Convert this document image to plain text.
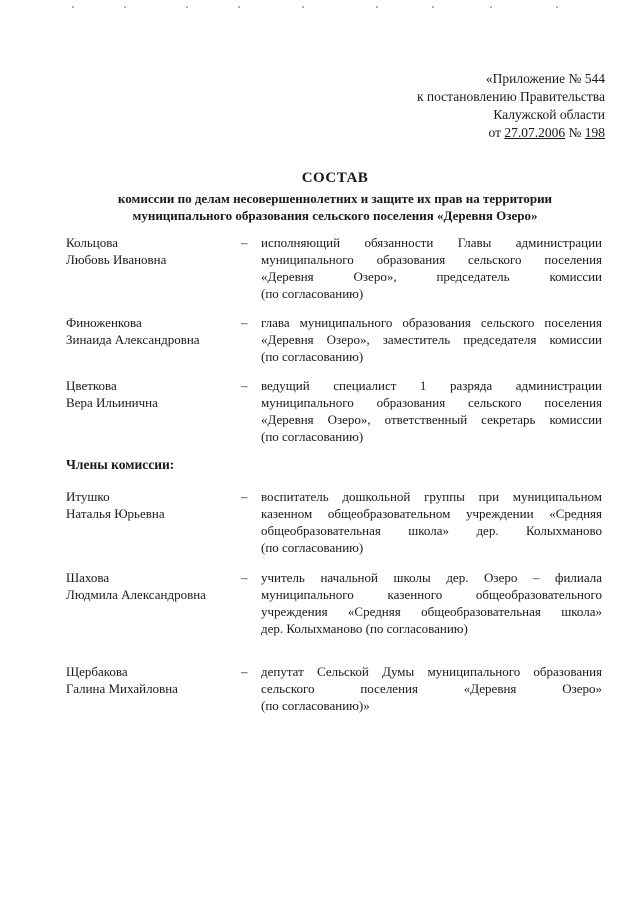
«Приложение № 544
к постановлению Правительства
Калужской области
от 27.07.2006 № 198
СОСТАВ
комиссии по делам несовершеннолетних и защите их прав на территории
муниципального образования сельского поселения «Деревня Озеро»
Кольцова
Любовь Ивановна
– исполняющий обязанности Главы администрации
муниципального образования сельского поселения
«Деревня Озеро», председатель комиссии
(по согласованию)
Финоженкова
Зинаида Александровна
– глава муниципального образования сельского поселения
«Деревня Озеро», заместитель председателя комиссии
(по согласованию)
Цветкова
Вера Ильинична
– ведущий специалист 1 разряда администрации
муниципального образования сельского поселения
«Деревня Озеро», ответственный секретарь комиссии
(по согласованию)
Члены комиссии:
Итушко
Наталья Юрьевна
– воспитатель дошкольной группы при муниципальном
казенном общеобразовательном учреждении «Средняя
общеобразовательная школа» дер. Колыхманово
(по согласованию)
Шахова
Людмила Александровна
– учитель начальной школы дер. Озеро – филиала
муниципального казенного общеобразовательного
учреждения «Средняя общеобразовательная школа»
дер. Колыхманово (по согласованию)
Щербакова
Галина Михайловна
– депутат Сельской Думы муниципального образования
сельского поселения «Деревня Озеро»
(по согласованию)»
